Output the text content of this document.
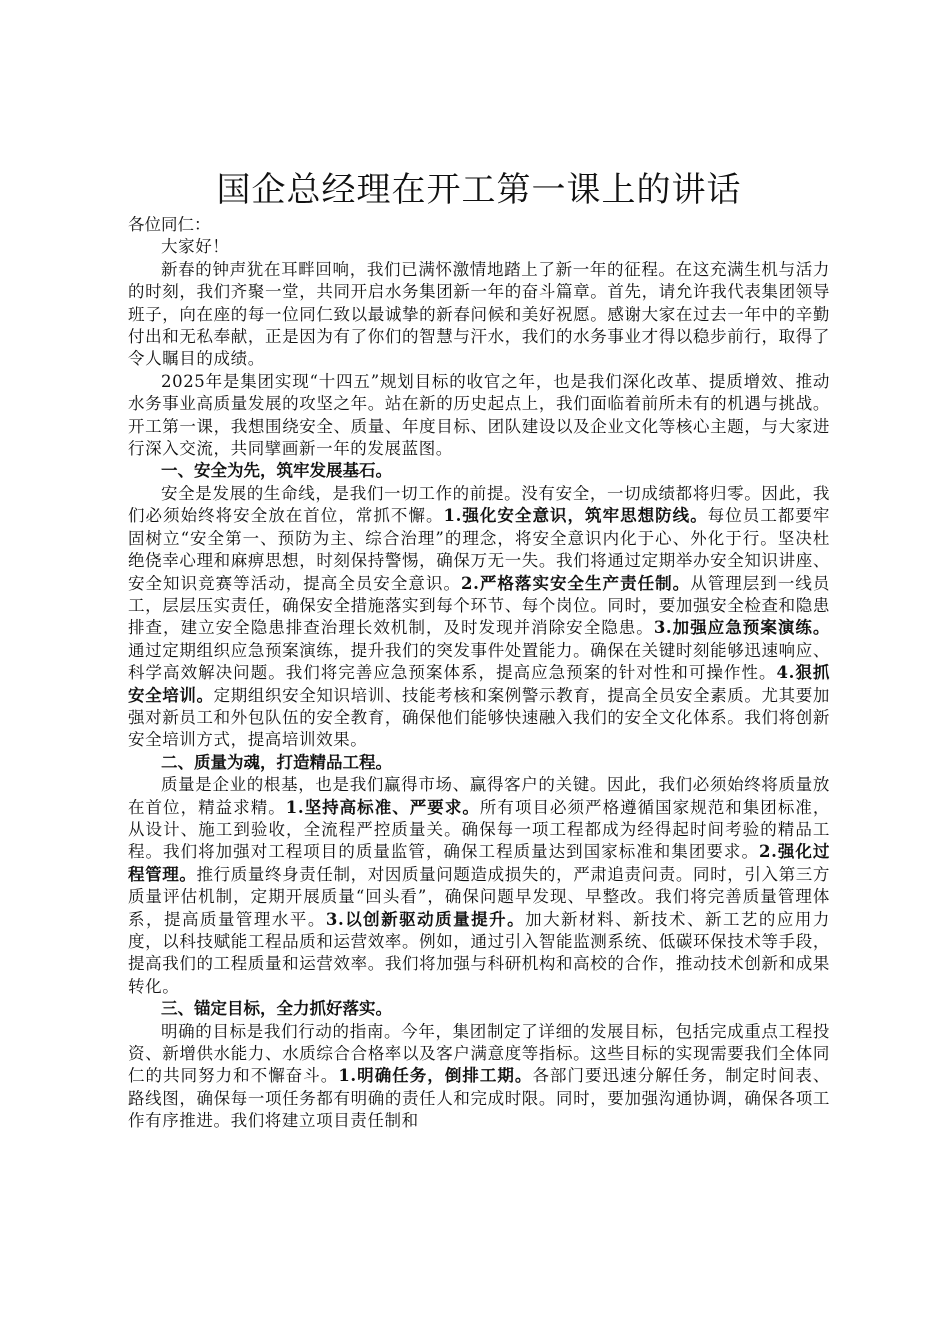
国企总经理在开工第一课上的讲话

各位同仁：

大家好！

新春的钟声犹在耳畔回响，我们已满怀激情地踏上了新一年的征程。在这充满生机与活力的时刻，我们齐聚一堂，共同开启水务集团新一年的奋斗篇章。首先，请允许我代表集团领导班子，向在座的每一位同仁致以最诚挚的新春问候和美好祝愿。感谢大家在过去一年中的辛勤付出和无私奉献，正是因为有了你们的智慧与汗水，我们的水务事业才得以稳步前行，取得了令人瞩目的成绩。

2025年是集团实现“十四五”规划目标的收官之年，也是我们深化改革、提质增效、推动水务事业高质量发展的攻坚之年。站在新的历史起点上，我们面临着前所未有的机遇与挑战。开工第一课，我想围绕安全、质量、年度目标、团队建设以及企业文化等核心主题，与大家进行深入交流，共同擘画新一年的发展蓝图。

一、安全为先，筑牢发展基石。

安全是发展的生命线，是我们一切工作的前提。没有安全，一切成绩都将归零。因此，我们必须始终将安全放在首位，常抓不懈。1.强化安全意识，筑牢思想防线。每位员工都要牢固树立“安全第一、预防为主、综合治理”的理念，将安全意识内化于心、外化于行。坚决杜绝侥幸心理和麻痹思想，时刻保持警惕，确保万无一失。我们将通过定期举办安全知识讲座、安全知识竞赛等活动，提高全员安全意识。2.严格落实安全生产责任制。从管理层到一线员工，层层压实责任，确保安全措施落实到每个环节、每个岗位。同时，要加强安全检查和隐患排查，建立安全隐患排查治理长效机制，及时发现并消除安全隐患。3.加强应急预案演练。通过定期组织应急预案演练，提升我们的突发事件处置能力。确保在关键时刻能够迅速响应、科学高效解决问题。我们将完善应急预案体系，提高应急预案的针对性和可操作性。4.狠抓安全培训。定期组织安全知识培训、技能考核和案例警示教育，提高全员安全素质。尤其要加强对新员工和外包队伍的安全教育，确保他们能够快速融入我们的安全文化体系。我们将创新安全培训方式，提高培训效果。

二、质量为魂，打造精品工程。

质量是企业的根基，也是我们赢得市场、赢得客户的关键。因此，我们必须始终将质量放在首位，精益求精。1.坚持高标准、严要求。所有项目必须严格遵循国家规范和集团标准，从设计、施工到验收，全流程严控质量关。确保每一项工程都成为经得起时间考验的精品工程。我们将加强对工程项目的质量监管，确保工程质量达到国家标准和集团要求。2.强化过程管理。推行质量终身责任制，对因质量问题造成损失的，严肃追责问责。同时，引入第三方质量评估机制，定期开展质量“回头看”，确保问题早发现、早整改。我们将完善质量管理体系，提高质量管理水平。3.以创新驱动质量提升。加大新材料、新技术、新工艺的应用力度，以科技赋能工程品质和运营效率。例如，通过引入智能监测系统、低碳环保技术等手段，提高我们的工程质量和运营效率。我们将加强与科研机构和高校的合作，推动技术创新和成果转化。

三、锚定目标，全力抓好落实。

明确的目标是我们行动的指南。今年，集团制定了详细的发展目标，包括完成重点工程投资、新增供水能力、水质综合合格率以及客户满意度等指标。这些目标的实现需要我们全体同仁的共同努力和不懈奋斗。1.明确任务，倒排工期。各部门要迅速分解任务，制定时间表、路线图，确保每一项任务都有明确的责任人和完成时限。同时，要加强沟通协调，确保各项工作有序推进。我们将建立项目责任制和
